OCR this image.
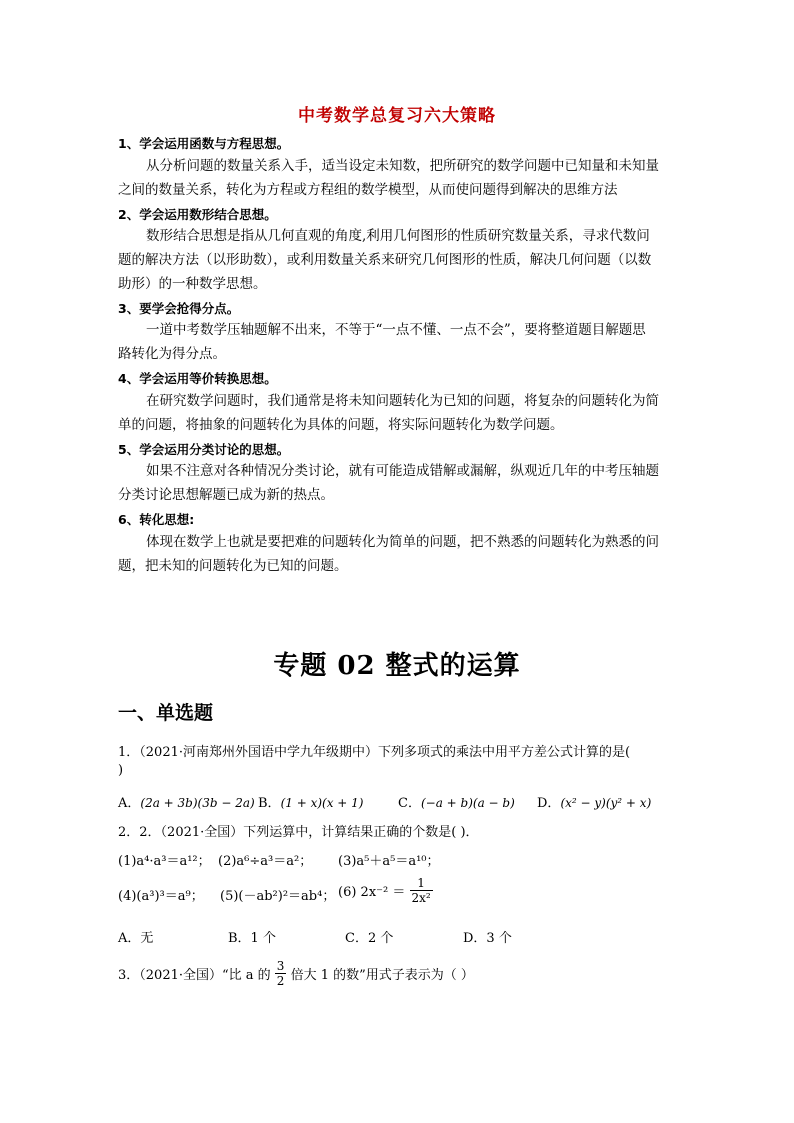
中考数学总复习六大策略
1、学会运用函数与方程思想。
从分析问题的数量关系入手，适当设定未知数，把所研究的数学问题中已知量和未知量
之间的数量关系，转化为方程或方程组的数学模型，从而使问题得到解决的思维方法
2、学会运用数形结合思想。
数形结合思想是指从几何直观的角度,利用几何图形的性质研究数量关系，寻求代数问
题的解决方法（以形助数），或利用数量关系来研究几何图形的性质，解决几何问题（以数
助形）的一种数学思想。
3、要学会抢得分点。
一道中考数学压轴题解不出来，不等于“一点不懂、一点不会”，要将整道题目解题思
路转化为得分点。
4、学会运用等价转换思想。
在研究数学问题时，我们通常是将未知问题转化为已知的问题，将复杂的问题转化为简
单的问题，将抽象的问题转化为具体的问题，将实际问题转化为数学问题。
5、学会运用分类讨论的思想。
如果不注意对各种情况分类讨论，就有可能造成错解或漏解，纵观近几年的中考压轴题
分类讨论思想解题已成为新的热点。
6、转化思想:
体现在数学上也就是要把难的问题转化为简单的问题，把不熟悉的问题转化为熟悉的问
题，把未知的问题转化为已知的问题。
专题 02 整式的运算
一、单选题
1．（2021·河南郑州外国语中学九年级期中）下列多项式的乘法中用平方差公式计算的是(
)
A．(2a + 3b)(3b − 2a) B．(1 + x)(x + 1)	C．(−a + b)(a − b) D．(x² − y)(y² + x)
2．2．（2021·全国）下列运算中，计算结果正确的个数是( )．
(1)a⁴·a³＝a¹²； (2)a⁶÷a³＝a²； (3)a⁵＋a⁵＝a¹⁰；
(4)(a³)³＝a⁹； (5)(－ab²)²＝ab⁴； (6) $2x^{-2} = \frac{1}{\text{2x²}}$
A．无	B．1 个	C．2 个	D．3 个
3．（2021·全国）“比 a 的 $\frac{3}{2}$ 倍大 1 的数”用式子表示为（ ）
